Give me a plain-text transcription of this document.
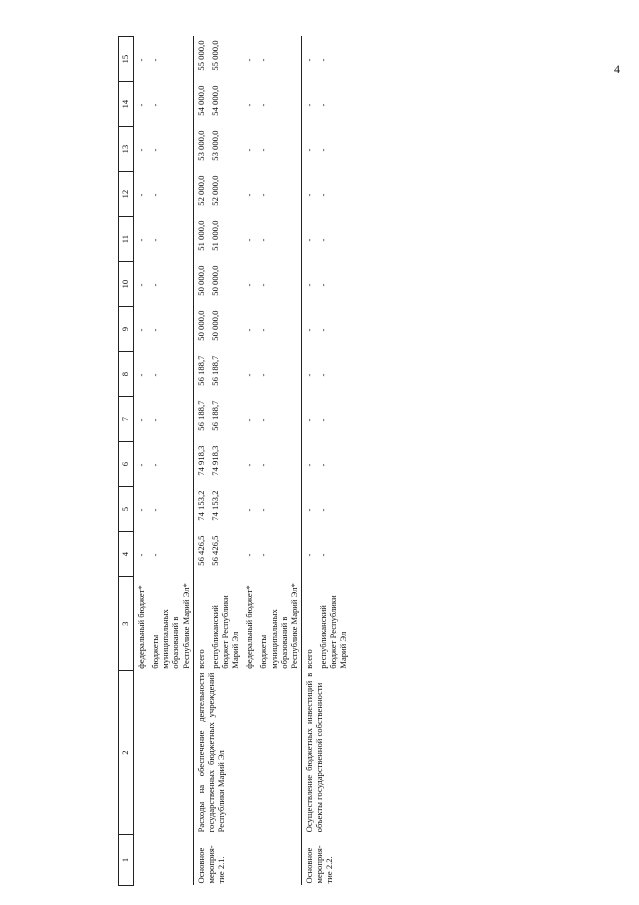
4
1	2	3	4	5	6	7	8	9	10	11	12	13	14	15
		федеральный бюджет*	-	-	-	-	-	-	-	-	-	-	-	-
		бюджеты муниципальных образований в Республике Марий Эл*	-	-	-	-	-	-	-	-	-	-	-	-
Основное мероприя-тие 2.1.	Расходы на обеспечение деятельности государственных бюджетных учреждений Республики Марий Эл	всего	56 426,5	74 153,2	74 918,3	56 188,7	56 188,7	50 000,0	50 000,0	51 000,0	52 000,0	53 000,0	54 000,0	55 000,0
		республиканский бюджет Республики Марий Эл	56 426,5	74 153,2	74 918,3	56 188,7	56 188,7	50 000,0	50 000,0	51 000,0	52 000,0	53 000,0	54 000,0	55 000,0
		федеральный бюджет*	-	-	-	-	-	-	-	-	-	-	-	-
		бюджеты муниципальных образований в Республике Марий Эл*	-	-	-	-	-	-	-	-	-	-	-	-
Основное мероприя-тие 2.2.	Осуществление бюджетных инвестиций в объекты государственной собственности	всего	-	-	-	-	-	-	-	-	-	-	-	-
		республиканский бюджет Республики Марий Эл	-	-	-	-	-	-	-	-	-	-	-	-
